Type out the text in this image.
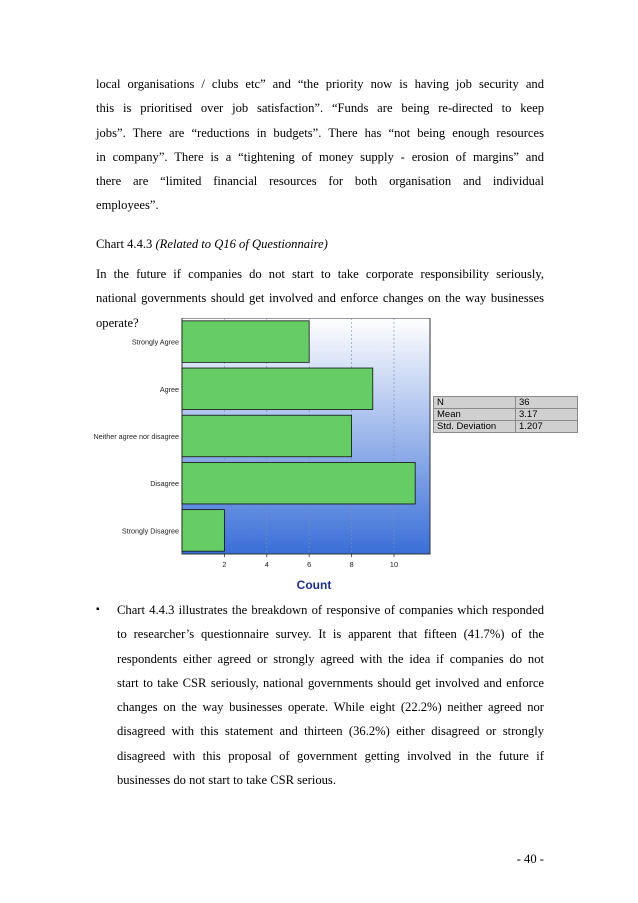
local organisations / clubs etc” and “the priority now is having job security and
this is prioritised over job satisfaction”. “Funds are being re-directed to keep
jobs”. There are “reductions in budgets”. There has “not being enough resources
in company”. There is a “tightening of money supply - erosion of margins” and
there are “limited financial resources for both organisation and individual
employees”.
Chart 4.4.3 (Related to Q16 of Questionnaire)
In the future if companies do not start to take corporate responsibility seriously,
national governments should get involved and enforce changes on the way businesses
operate?
Strongly Agree
Agree
Neither agree nor disagree
Disagree
Strongly Disagree
2	4	6	8	10
Count
N	36
Mean	3.17
Std. Deviation	1.207
▪ Chart 4.4.3 illustrates the breakdown of responsive of companies which responded
to researcher’s questionnaire survey. It is apparent that fifteen (41.7%) of the
respondents either agreed or strongly agreed with the idea if companies do not
start to take CSR seriously, national governments should get involved and enforce
changes on the way businesses operate. While eight (22.2%) neither agreed nor
disagreed with this statement and thirteen (36.2%) either disagreed or strongly
disagreed with this proposal of government getting involved in the future if
businesses do not start to take CSR serious.
- 40 -
